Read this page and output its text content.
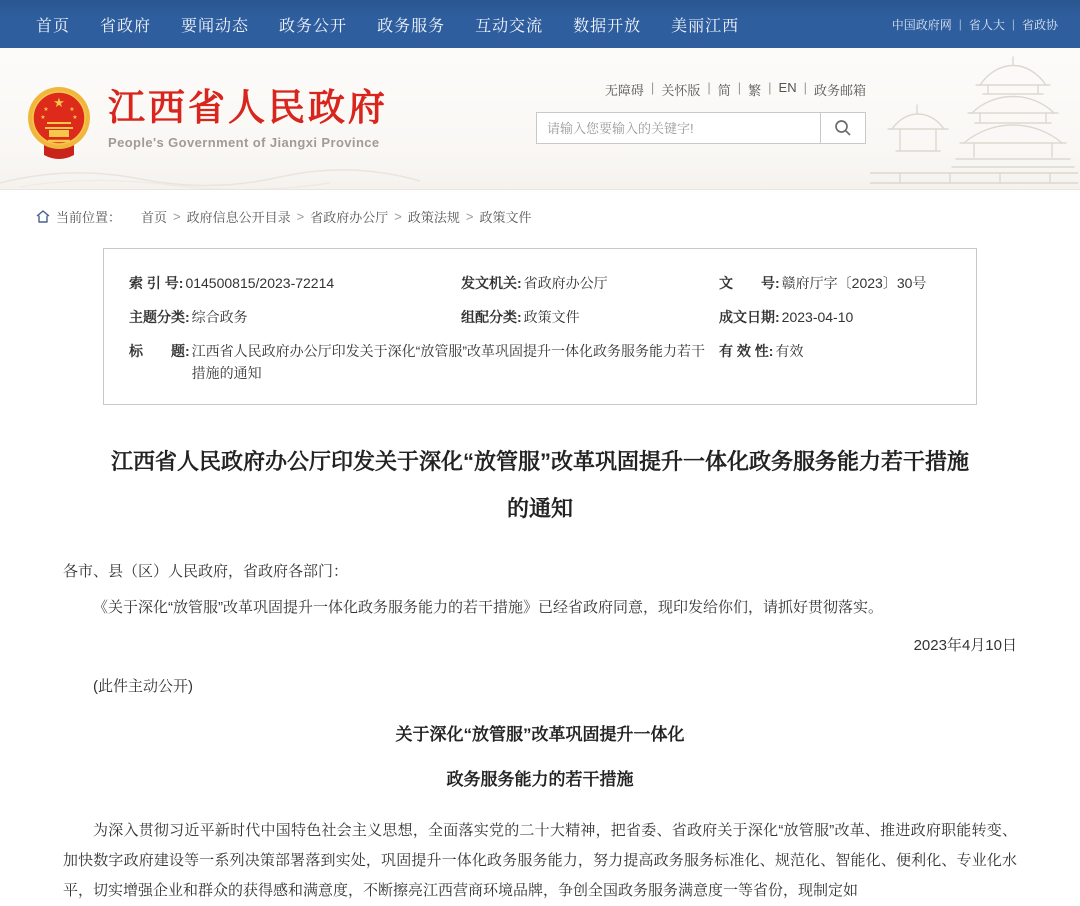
首页 省政府 要闻动态 政务公开 政务服务 互动交流 数据开放 美丽江西	中国政府网 | 省人大 | 省政协
★
★	★
★	★ 江西省人民政府
People's Government of Jiangxi Province
无障碍 | 关怀版 | 简 | 繁 | EN | 政务邮箱
请输入您要输入的关键字!
当前位置： 首页 > 政府信息公开目录 > 省政府办公厅 > 政策法规 > 政策文件
索 引 号: 014500815/2023-72214	发文机关: 省政府办公厅	文　　号: 赣府厅字〔2023〕30号
主题分类: 综合政务	组配分类: 政策文件	成文日期: 2023-04-10
标　　题: 江西省人民政府办公厅印发关于深化“放管服”改革巩固提升一体化政务服务能力若干措施的通知
有 效 性: 有效
江西省人民政府办公厅印发关于深化“放管服”改革巩固提升一体化政务服务能力若干措施
的通知

各市、县（区）人民政府，省政府各部门：

《关于深化“放管服”改革巩固提升一体化政务服务能力的若干措施》已经省政府同意，现印发给你们，请抓好贯彻落实。

2023年4月10日

(此件主动公开)

关于深化“放管服”改革巩固提升一体化
政务服务能力的若干措施

为深入贯彻习近平新时代中国特色社会主义思想，全面落实党的二十大精神，把省委、省政府关于深化“放管服”改革、推进政府职能转变、加快数字政府建设等一系列决策部署落到实处，巩固提升一体化政务服务能力，努力提高政务服务标准化、规范化、智能化、便利化、专业化水平，切实增强企业和群众的获得感和满意度，不断擦亮江西营商环境品牌，争创全国政务服务满意度一等省份，现制定如
